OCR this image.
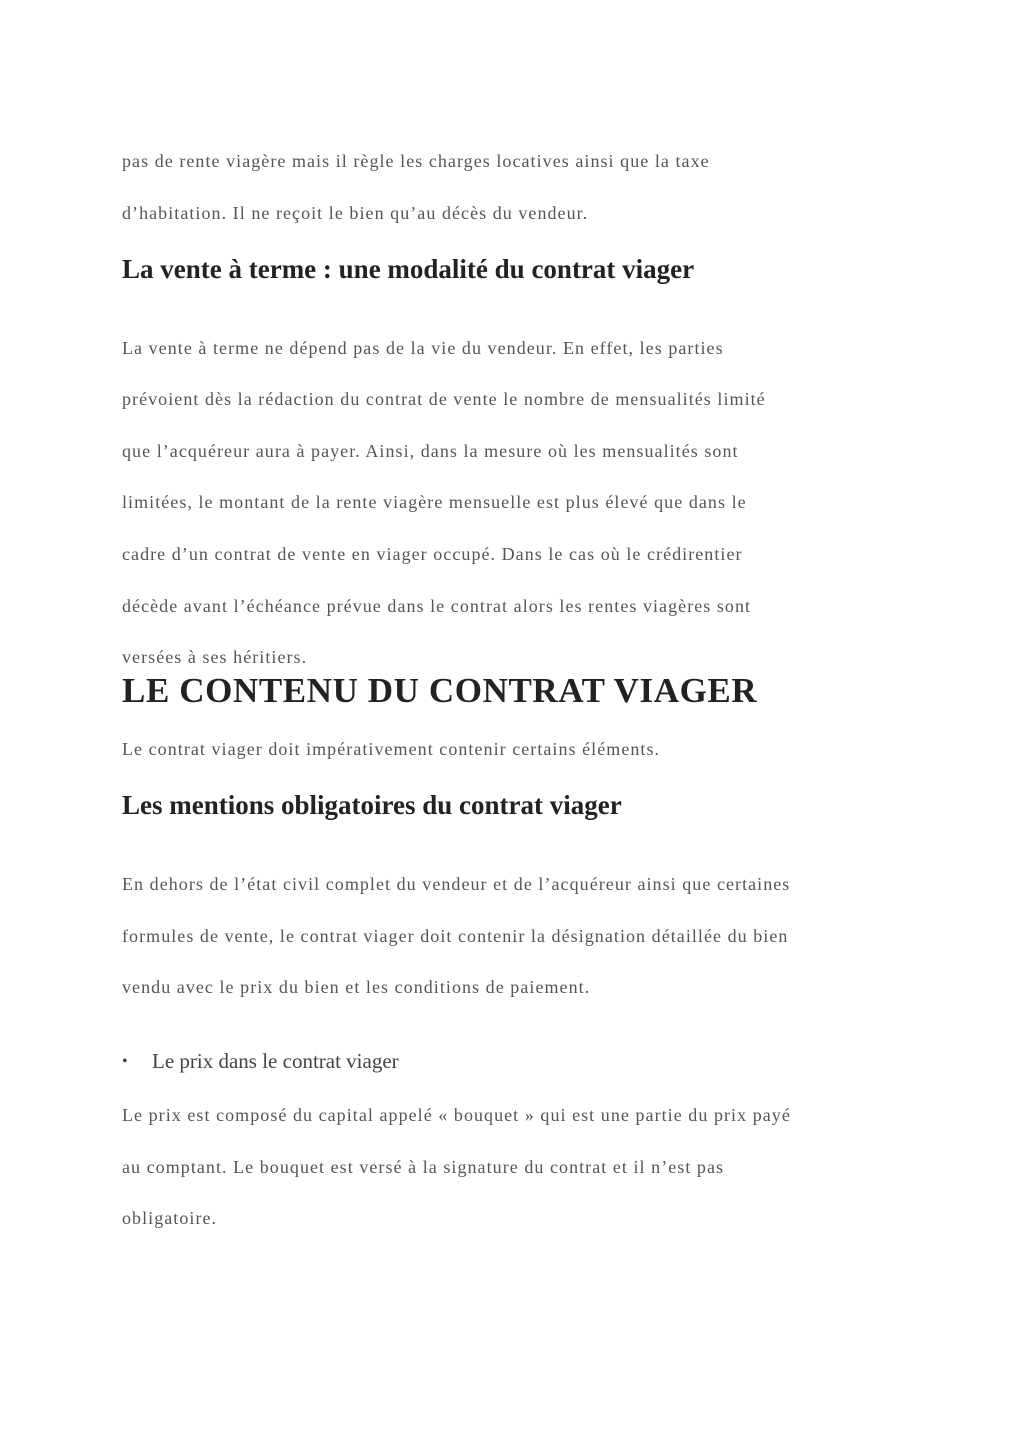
pas de rente viagère mais il règle les charges locatives ainsi que la taxe

d’habitation. Il ne reçoit le bien qu’au décès du vendeur.

La vente à terme : une modalité du contrat viager

La vente à terme ne dépend pas de la vie du vendeur. En effet, les parties

prévoient dès la rédaction du contrat de vente le nombre de mensualités limité

que l’acquéreur aura à payer. Ainsi, dans la mesure où les mensualités sont

limitées, le montant de la rente viagère mensuelle est plus élevé que dans le

cadre d’un contrat de vente en viager occupé. Dans le cas où le crédirentier

décède avant l’échéance prévue dans le contrat alors les rentes viagères sont

versées à ses héritiers.

LE CONTENU DU CONTRAT VIAGER

Le contrat viager doit impérativement contenir certains éléments.

Les mentions obligatoires du contrat viager

En dehors de l’état civil complet du vendeur et de l’acquéreur ainsi que certaines

formules de vente, le contrat viager doit contenir la désignation détaillée du bien

vendu avec le prix du bien et les conditions de paiement.

• Le prix dans le contrat viager

Le prix est composé du capital appelé « bouquet » qui est une partie du prix payé

au comptant. Le bouquet est versé à la signature du contrat et il n’est pas

obligatoire.
